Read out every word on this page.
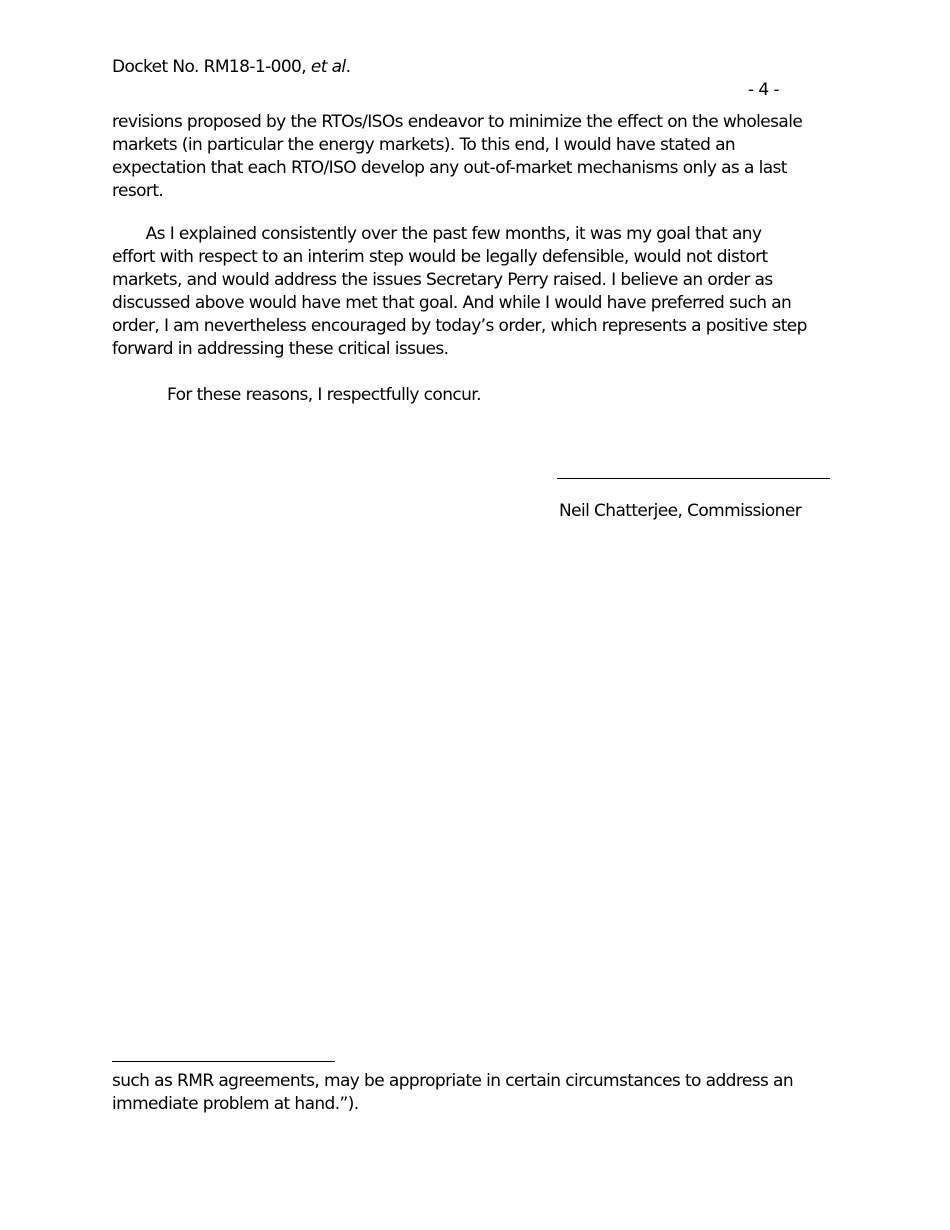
Docket No. RM18-1-000, et al.
- 4 -
revisions proposed by the RTOs/ISOs endeavor to minimize the effect on the wholesale
markets (in particular the energy markets). To this end, I would have stated an
expectation that each RTO/ISO develop any out-of-market mechanisms only as a last
resort.
As I explained consistently over the past few months, it was my goal that any
effort with respect to an interim step would be legally defensible, would not distort
markets, and would address the issues Secretary Perry raised. I believe an order as
discussed above would have met that goal. And while I would have preferred such an
order, I am nevertheless encouraged by today’s order, which represents a positive step
forward in addressing these critical issues.
For these reasons, I respectfully concur.
Neil Chatterjee, Commissioner
such as RMR agreements, may be appropriate in certain circumstances to address an
immediate problem at hand.”).
